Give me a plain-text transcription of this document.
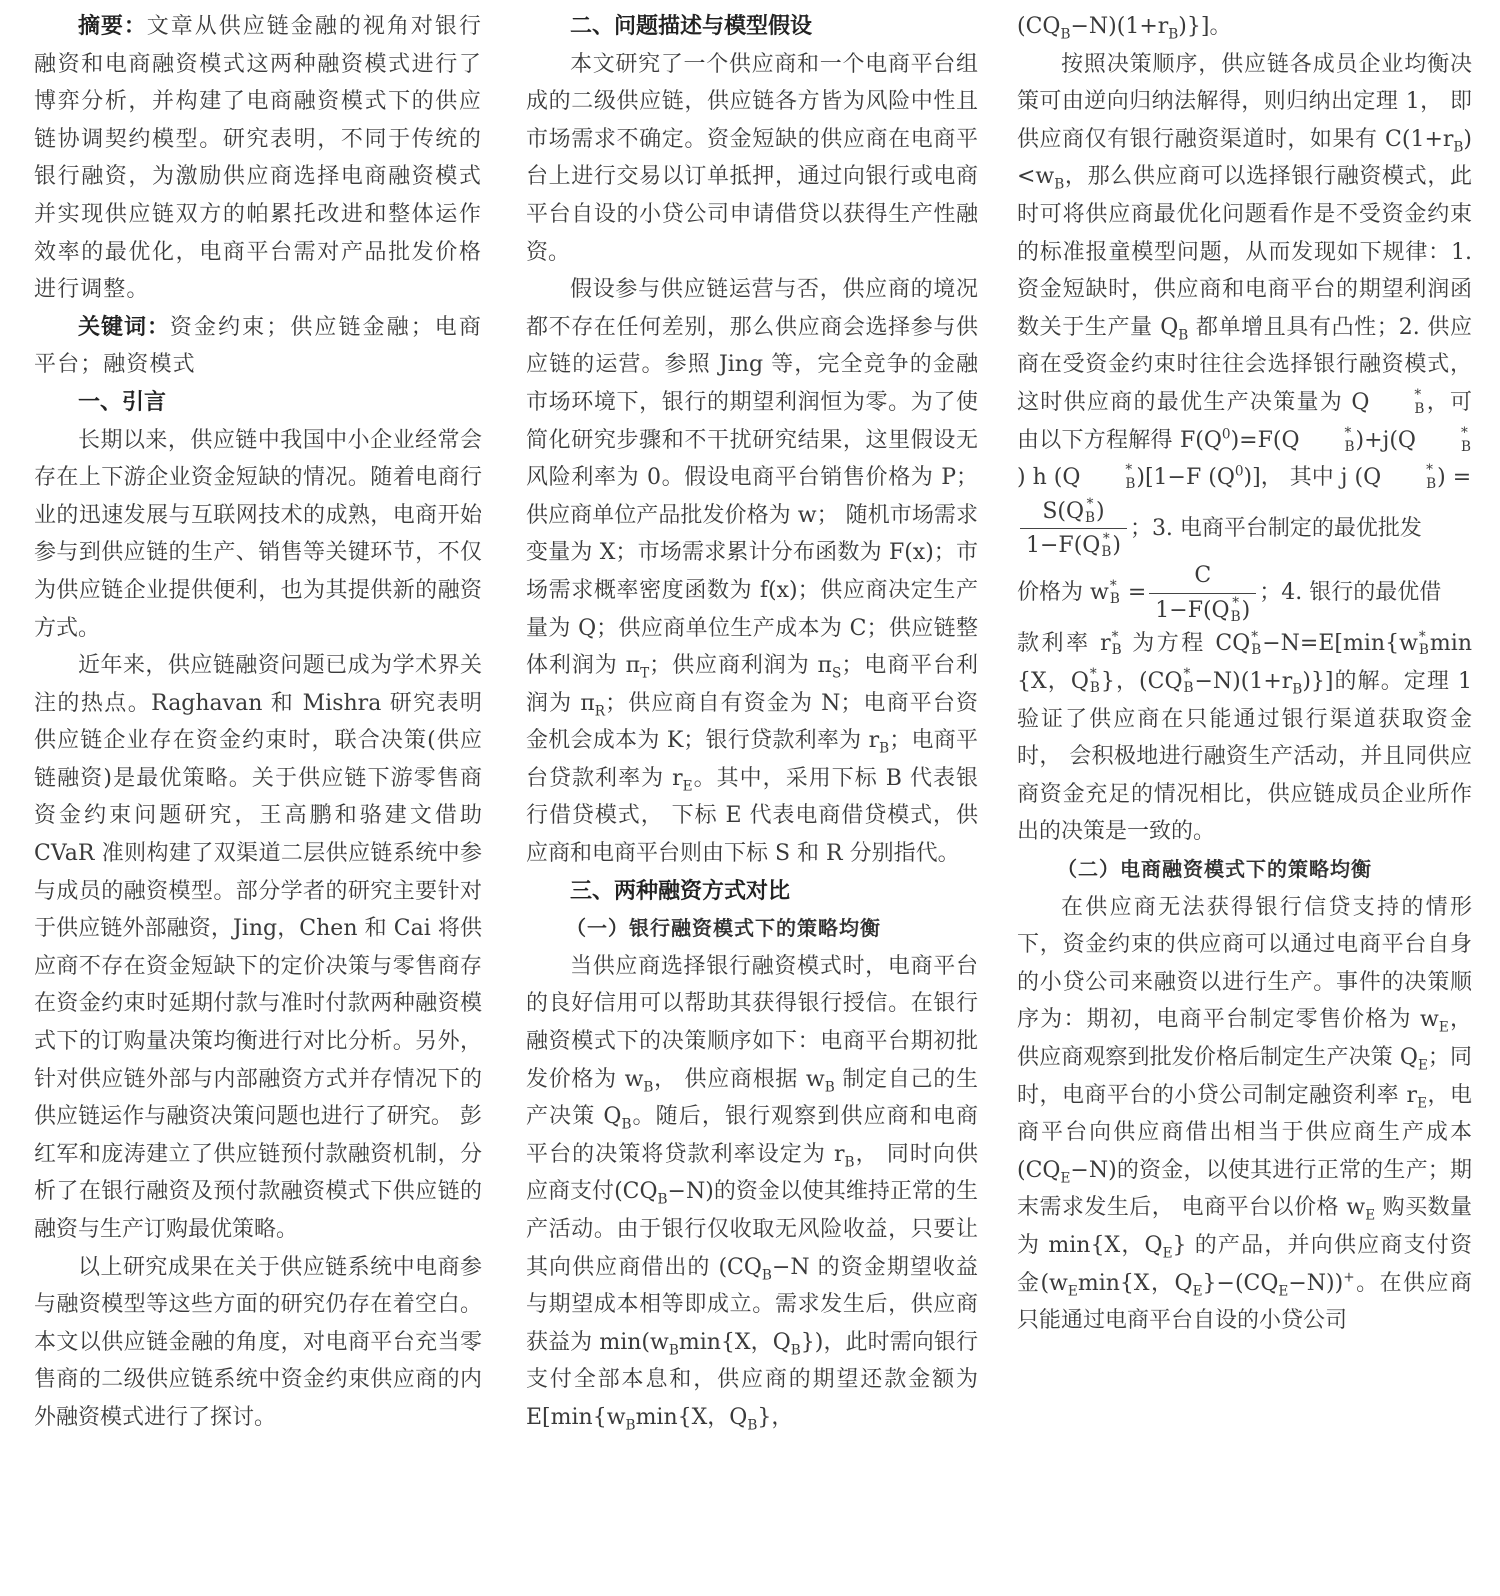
摘要：文章从供应链金融的视角对银行融资和电商融资模式这两种融资模式进行了博弈分析，并构建了电商融资模式下的供应链协调契约模型。研究表明，不同于传统的银行融资，为激励供应商选择电商融资模式并实现供应链双方的帕累托改进和整体运作效率的最优化，电商平台需对产品批发价格进行调整。

关键词：资金约束；供应链金融；电商平台；融资模式

一、引言

长期以来，供应链中我国中小企业经常会存在上下游企业资金短缺的情况。随着电商行业的迅速发展与互联网技术的成熟，电商开始参与到供应链的生产、销售等关键环节，不仅为供应链企业提供便利，也为其提供新的融资方式。

近年来，供应链融资问题已成为学术界关注的热点。Raghavan 和 Mishra 研究表明供应链企业存在资金约束时，联合决策(供应链融资)是最优策略。关于供应链下游零售商资金约束问题研究，王高鹏和骆建文借助 CVaR 准则构建了双渠道二层供应链系统中参与成员的融资模型。部分学者的研究主要针对于供应链外部融资，Jing，Chen 和 Cai 将供应商不存在资金短缺下的定价决策与零售商存在资金约束时延期付款与准时付款两种融资模式下的订购量决策均衡进行对比分析。另外，针对供应链外部与内部融资方式并存情况下的供应链运作与融资决策问题也进行了研究。 彭红军和庞涛建立了供应链预付款融资机制，分析了在银行融资及预付款融资模式下供应链的融资与生产订购最优策略。

以上研究成果在关于供应链系统中电商参与融资模型等这些方面的研究仍存在着空白。本文以供应链金融的角度，对电商平台充当零售商的二级供应链系统中资金约束供应商的内外融资模式进行了探讨。

二、问题描述与模型假设

本文研究了一个供应商和一个电商平台组成的二级供应链，供应链各方皆为风险中性且市场需求不确定。资金短缺的供应商在电商平台上进行交易以订单抵押，通过向银行或电商平台自设的小贷公司申请借贷以获得生产性融资。

假设参与供应链运营与否，供应商的境况都不存在任何差别，那么供应商会选择参与供应链的运营。参照 Jing 等，完全竞争的金融市场环境下，银行的期望利润恒为零。为了使简化研究步骤和不干扰研究结果，这里假设无风险利率为 0。假设电商平台销售价格为 P；供应商单位产品批发价格为 w； 随机市场需求变量为 X；市场需求累计分布函数为 F(x)；市场需求概率密度函数为 f(x)；供应商决定生产量为 Q；供应商单位生产成本为 C；供应链整体利润为 $\pi_T$；供应商利润为 $\pi_S$；电商平台利润为 $\pi_R$；供应商自有资金为 N；电商平台资金机会成本为 K；银行贷款利率为 $r_B$；电商平台贷款利率为 $r_E$。其中，采用下标 B 代表银行借贷模式， 下标 E 代表电商借贷模式，供应商和电商平台则由下标 S 和 R 分别指代。

三、两种融资方式对比
（一）银行融资模式下的策略均衡

当供应商选择银行融资模式时，电商平台的良好信用可以帮助其获得银行授信。在银行融资模式下的决策顺序如下：电商平台期初批发价格为 $w_B$， 供应商根据 $w_B$ 制定自己的生产决策 $Q_B$。随后，银行观察到供应商和电商平台的决策将贷款利率设定为 $r_B$， 同时向供应商支付$(CQ_B-N)$的资金以使其维持正常的生产活动。由于银行仅收取无风险收益，只要让其向供应商借出的 ($CQ_B-N$ 的资金期望收益与期望成本相等即成立。需求发生后，供应商获益为 $\min(w_B\min\{X$，$Q_B$})，此时需向银行支付全部本息和，供应商的期望还款金额为 $E[\min\{w_B\min\{X$，$Q_B$}，

$(CQ_B-N)(1+r_B)$}]。

按照决策顺序，供应链各成员企业均衡决策可由逆向归纳法解得，则归纳出定理 1， 即供应商仅有银行融资渠道时，如果有 $C(1+r_B)<w_B$，那么供应商可以选择银行融资模式，此时可将供应商最优化问题看作是不受资金约束的标准报童模型问题，从而发现如下规律：1. 资金短缺时，供应商和电商平台的期望利润函数关于生产量 $Q_B$ 都单增且具有凸性；2. 供应商在受资金约束时往往会选择银行融资模式，这时供应商的最优生产决策量为 Q	*
B ，可由以下方程解得 $F(Q^0)=F(Q$	*
B )+j(Q	*
B
) h (Q	*
B )[1−F $(Q^0)$]， 其中 j (Q	*
B ) =

S(Q *
B )
1−F(Q *
B ) ；3. 电商平台制定的最优批发

价格为 w *
B = C
1−F(Q *
B ) ；4. 银行的最优借

款利率 r *
B 为方程 CQ *
B −N=E[min{w *
B min {X，Q *
B }，(CQ *
$B -N)(1+r_B)$}]的解。定理 1 验证了供应商在只能通过银行渠道获取资金时， 会积极地进行融资生产活动，并且同供应商资金充足的情况相比，供应链成员企业所作出的决策是一致的。

（二）电商融资模式下的策略均衡

在供应商无法获得银行信贷支持的情形下，资金约束的供应商可以通过电商平台自身的小贷公司来融资以进行生产。事件的决策顺序为：期初，电商平台制定零售价格为 $w_E$， 供应商观察到批发价格后制定生产决策 $Q_E$；同时，电商平台的小贷公司制定融资利率 $r_E$，电商平台向供应商借出相当于供应商生产成本$(CQ_E-N)$的资金，以使其进行正常的生产；期末需求发生后， 电商平台以价格 $w_E$ 购买数量为 min{X，$Q_E$} 的产品，并向供应商支付资金($w_E\min\{X$，$Q_E\}-(CQ_E-N))^+$。在供应商只能通过电商平台自设的小贷公司
